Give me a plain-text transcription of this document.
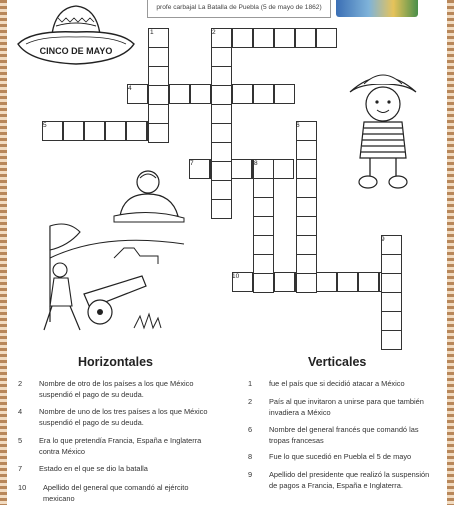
profe carbajal La Batalla de Puebla (5 de mayo de 1862)
CINCO DE MAYO
1	2
4
5	6
7	8
9
10
Horizontales	Verticales
2	Nombre de otro de los países a los que México
suspendió el pago de su deuda.
4	Nombre de uno de los tres países a los que México
suspendió el pago de su deuda.
5	Era lo que pretendía Francia, España e Inglaterra
contra México
7	Estado en el que se dio la batalla
10 Apellido del general que comandó al ejército
mexicano
1	fue el país que si decidió atacar a México
2	País al que invitaron a unirse para que también
invadiera a México
6	Nombre del general francés que comandó las
tropas francesas
8	Fue lo que sucedió en Puebla el 5 de mayo
9	Apellido del presidente que realizó la suspensión
de pagos a Francia, España e Inglaterra.
